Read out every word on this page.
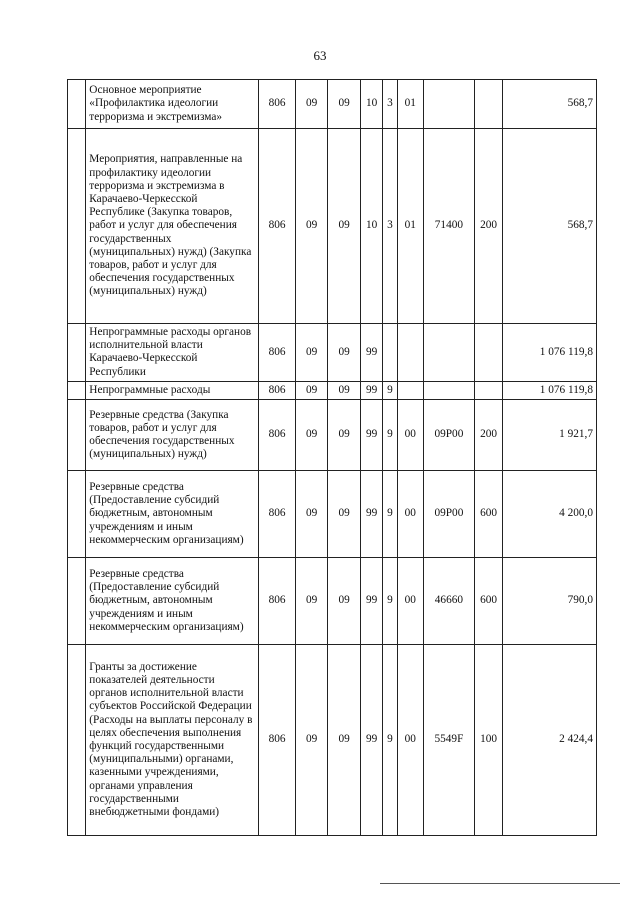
63
	Основное мероприятие «Профилактика идеологии терроризма и экстремизма»	806	09	09	10	3	01			568,7
	Мероприятия, направленные на профилактику идеологии терроризма и экстремизма в Карачаево-Черкесской Республике (Закупка товаров, работ и услуг для обеспечения государственных (муниципальных) нужд) (Закупка товаров, работ и услуг для обеспечения государственных (муниципальных) нужд)	806	09	09	10	3	01	71400	200	568,7
	Непрограммные расходы органов исполнительной власти Карачаево-Черкесской Республики	806	09	09	99					1 076 119,8
	Непрограммные расходы	806	09	09	99	9				1 076 119,8
	Резервные средства (Закупка товаров, работ и услуг для обеспечения государственных (муниципальных) нужд)	806	09	09	99	9	00	09Р00	200	1 921,7
	Резервные средства (Предоставление субсидий бюджетным, автономным учреждениям и иным некоммерческим организациям)	806	09	09	99	9	00	09Р00	600	4 200,0
	Резервные средства (Предоставление субсидий бюджетным, автономным учреждениям и иным некоммерческим организациям)	806	09	09	99	9	00	46660	600	790,0
	Гранты за достижение показателей деятельности органов исполнительной власти субъектов Российской Федерации (Расходы на выплаты персоналу в целях обеспечения выполнения функций государственными (муниципальными) органами, казенными учреждениями, органами управления государственными внебюджетными фондами)	806	09	09	99	9	00	5549F	100	2 424,4
